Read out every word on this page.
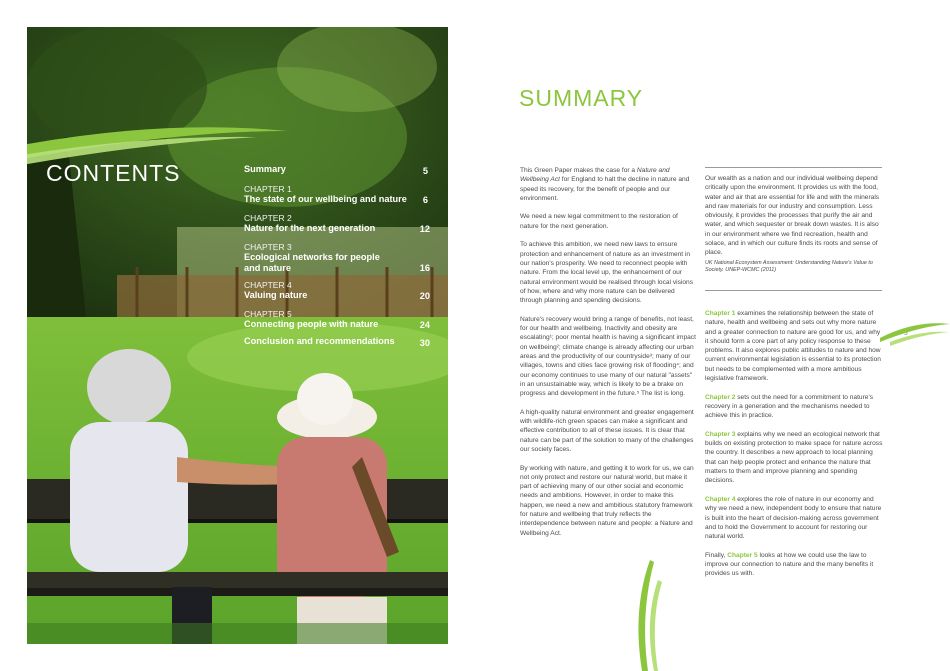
CONTENTS	Summary	5
CHAPTER 1
The state of our wellbeing and nature	6
CHAPTER 2
Nature for the next generation	12
CHAPTER 3
Ecological networks for people and nature	16
CHAPTER 4
Valuing nature	20
CHAPTER 5
Connecting people with nature	24
Conclusion and recommendations	30
SUMMARY

This Green Paper makes the case for a Nature and Wellbeing Act for England to halt the decline in nature and speed its recovery, for the benefit of people and our environment.

We need a new legal commitment to the restoration of nature for the next generation.

To achieve this ambition, we need new laws to ensure protection and enhancement of nature as an investment in our nation's prosperity. We need to reconnect people with nature. From the local level up, the enhancement of our natural environment would be realised through local visions of how, where and why more nature can be delivered through planning and spending decisions.

Nature's recovery would bring a range of benefits, not least, for our health and wellbeing. Inactivity and obesity are escalating¹; poor mental health is having a significant impact on wellbeing²; climate change is already affecting our urban areas and the productivity of our countryside³; many of our villages, towns and cities face growing risk of flooding⁴; and our economy continues to use many of our natural "assets" in an unsustainable way, which is likely to be a brake on progress and development in the future.⁵ The list is long.

A high-quality natural environment and greater engagement with wildlife-rich green spaces can make a significant and effective contribution to all of these issues. It is clear that nature can be part of the solution to many of the challenges our society faces.

By working with nature, and getting it to work for us, we can not only protect and restore our natural world, but make it part of achieving many of our other social and economic needs and ambitions. However, in order to make this happen, we need a new and ambitious statutory framework for nature and wellbeing that truly reflects the interdependence between nature and people: a Nature and Wellbeing Act.

Our wealth as a nation and our individual wellbeing depend critically upon the environment. It provides us with the food, water and air that are essential for life and with the minerals and raw materials for our industry and consumption. Less obviously, it provides the processes that purify the air and water, and which sequester or break down wastes. It is also in our environment where we find recreation, health and solace, and in which our culture finds its roots and sense of place.

UK National Ecosystem Assessment: Understanding Nature's Value to Society. UNEP-WCMC (2011)

Chapter 1 examines the relationship between the state of nature, health and wellbeing and sets out why more nature and a greater connection to nature are good for us, and why it should form a core part of any policy response to these problems. It also explores public attitudes to nature and how current environmental legislation is essential to its protection but needs to be complemented with a more ambitious legislative framework.

Chapter 2 sets out the need for a commitment to nature's recovery in a generation and the mechanisms needed to achieve this in practice.

Chapter 3 explains why we need an ecological network that builds on existing protection to make space for nature across the country. It describes a new approach to local planning that can help people protect and enhance the nature that matters to them and improve planning and spending decisions.

Chapter 4 explores the role of nature in our economy and why we need a new, independent body to ensure that nature is built into the heart of decision-making across government and to hold the Government to account for restoring our natural world.

Finally, Chapter 5 looks at how we could use the law to improve our connection to nature and the many benefits it provides us with.

5
